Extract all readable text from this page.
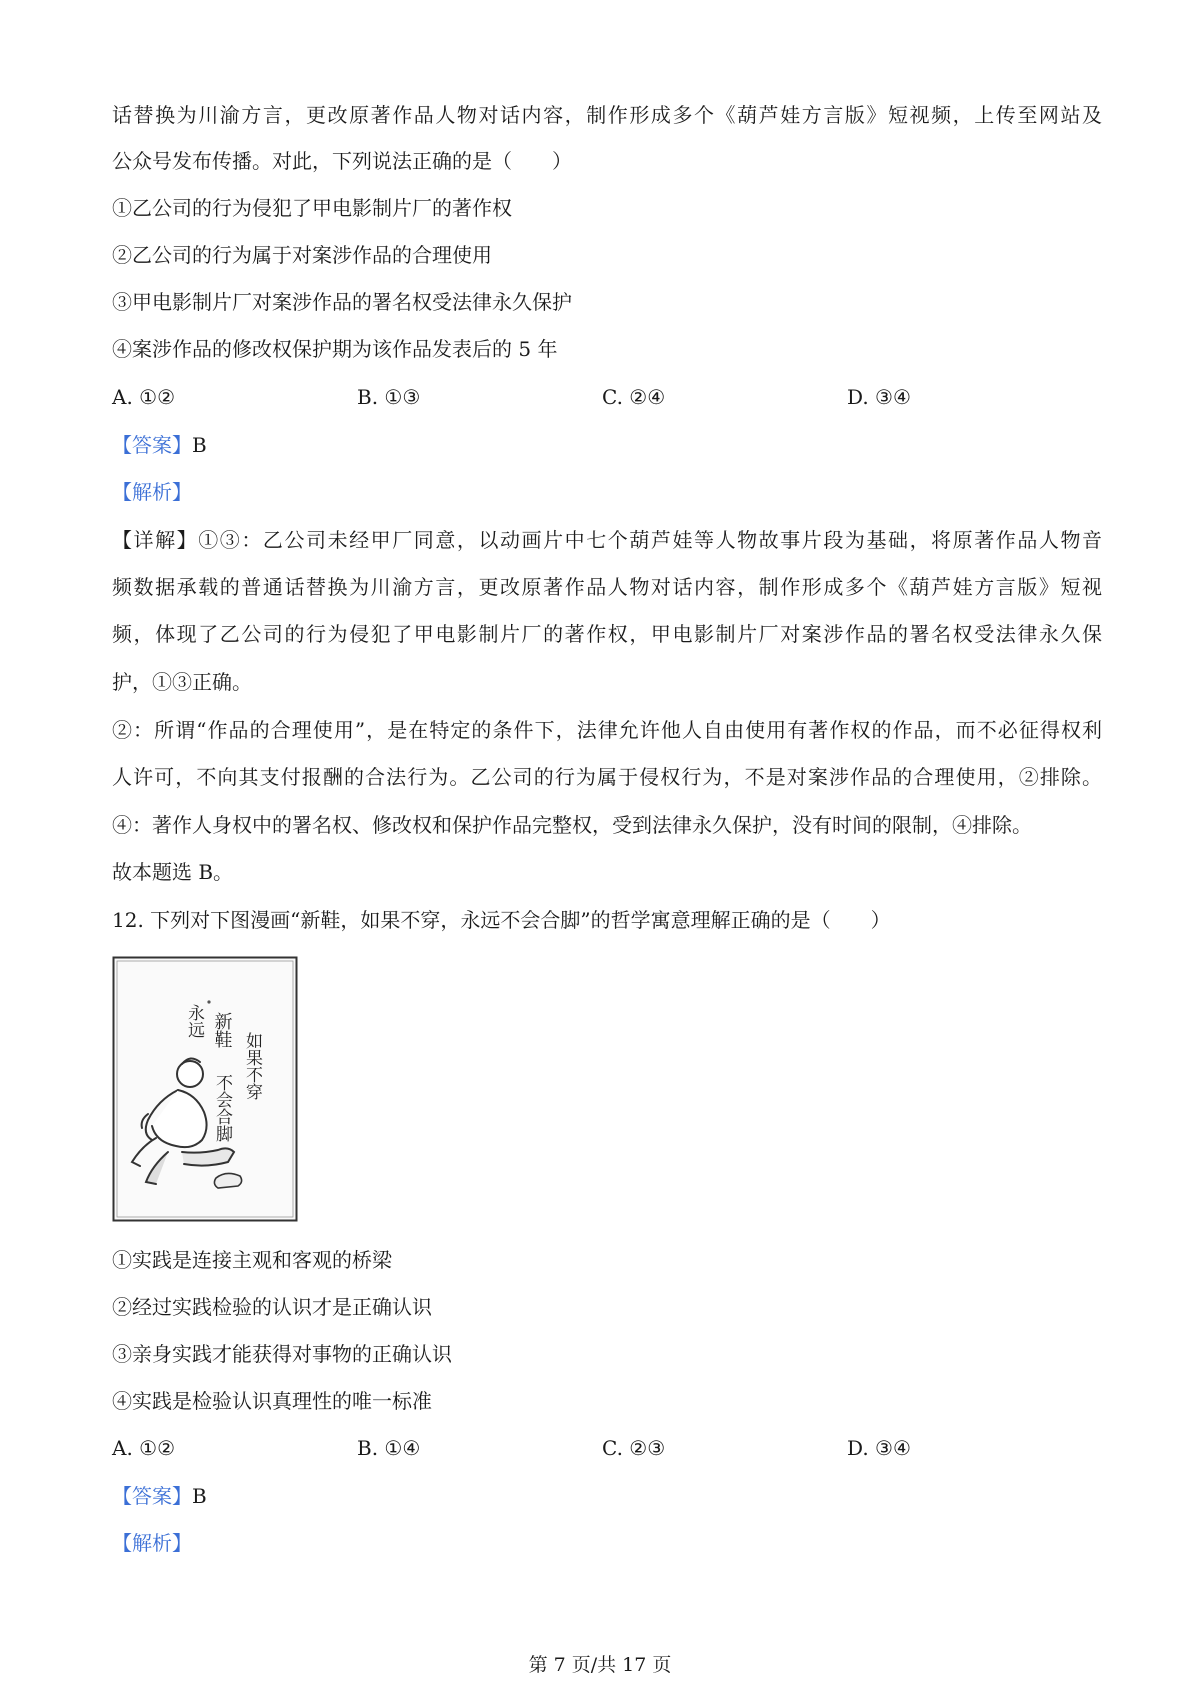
话替换为川渝方言，更改原著作品人物对话内容，制作形成多个《葫芦娃方言版》短视频，上传至网站及
公众号发布传播。对此，下列说法正确的是（　　）
①乙公司的行为侵犯了甲电影制片厂的著作权
②乙公司的行为属于对案涉作品的合理使用
③甲电影制片厂对案涉作品的署名权受法律永久保护
④案涉作品的修改权保护期为该作品发表后的 5 年
A. ①②	B. ①③	C. ②④	D. ③④
【答案】B
【解析】
【详解】①③：乙公司未经甲厂同意，以动画片中七个葫芦娃等人物故事片段为基础，将原著作品人物音
频数据承载的普通话替换为川渝方言，更改原著作品人物对话内容，制作形成多个《葫芦娃方言版》短视
频，体现了乙公司的行为侵犯了甲电影制片厂的著作权，甲电影制片厂对案涉作品的署名权受法律永久保
护，①③正确。
②：所谓“作品的合理使用”，是在特定的条件下，法律允许他人自由使用有著作权的作品，而不必征得权利
人许可，不向其支付报酬的合法行为。乙公司的行为属于侵权行为，不是对案涉作品的合理使用，②排除。
④：著作人身权中的署名权、修改权和保护作品完整权，受到法律永久保护，没有时间的限制，④排除。
故本题选 B。
12. 下列对下图漫画“新鞋，如果不穿，永远不会合脚”的哲学寓意理解正确的是（　　）
新鞋
如果不穿
永远
不会合脚
①实践是连接主观和客观的桥梁
②经过实践检验的认识才是正确认识
③亲身实践才能获得对事物的正确认识
④实践是检验认识真理性的唯一标准
A. ①②	B. ①④	C. ②③	D. ③④
【答案】B
【解析】
第 7 页/共 17 页
